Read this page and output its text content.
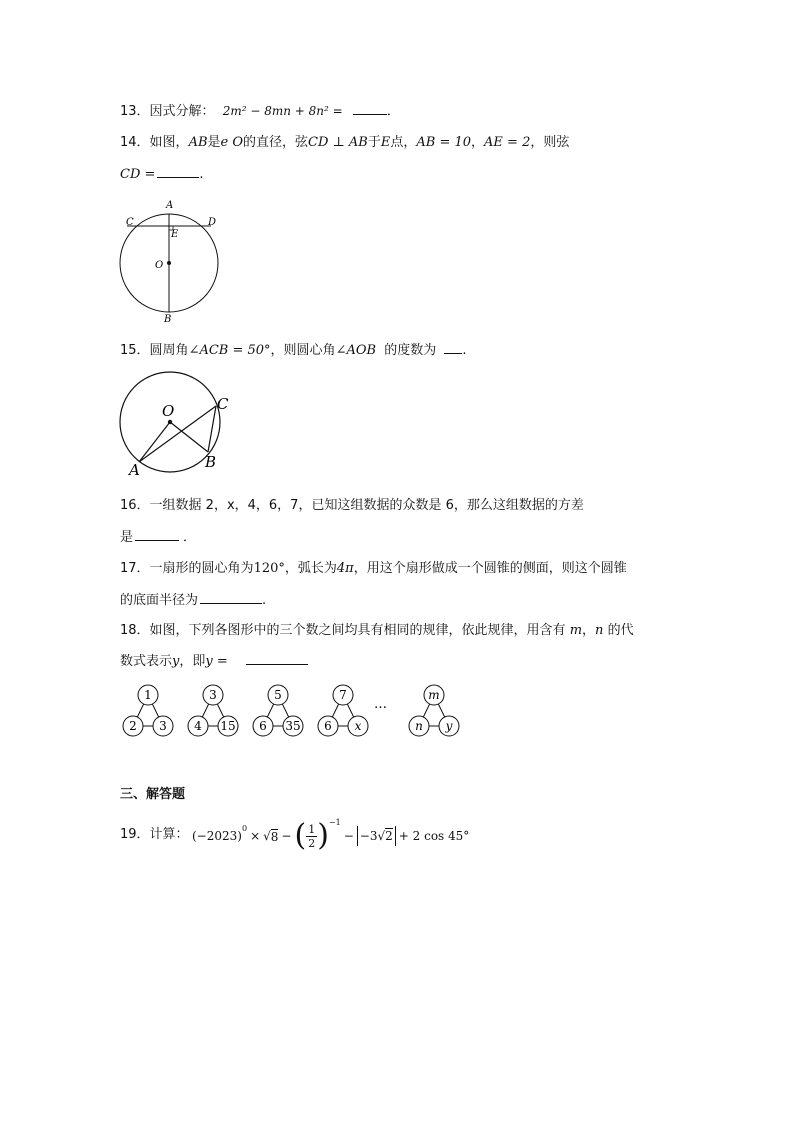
13．因式分解： 2m² − 8mn + 8n² =	．
14．如图，AB是e O的直径，弦CD ⊥ AB于E点，AB = 10，AE = 2，则弦
CD =	.
A
C	D
E
O
B
15．圆周角∠ACB = 50°，则圆心角∠AOB 的度数为 .
O	C
A	B
16．一组数据 2，x，4，6，7，已知这组数据的众数是 6，那么这组数据的方差
是	．
17．一扇形的圆心角为120°，弧长为4π，用这个扇形做成一个圆锥的侧面，则这个圆锥
的底面半径为	.
18．如图，下列各图形中的三个数之间均具有相同的规律，依此规律，用含有 m，n 的代
数式表示y，即y =
1
2 3
3
4 15
5
6 35
7
6 x
…
m
n y
三、解答题
19．计算： (−2023)
0
× √ 8 − ( $\frac{1}{2}$ ) −1
− −3√2 + 2 cos 45°
